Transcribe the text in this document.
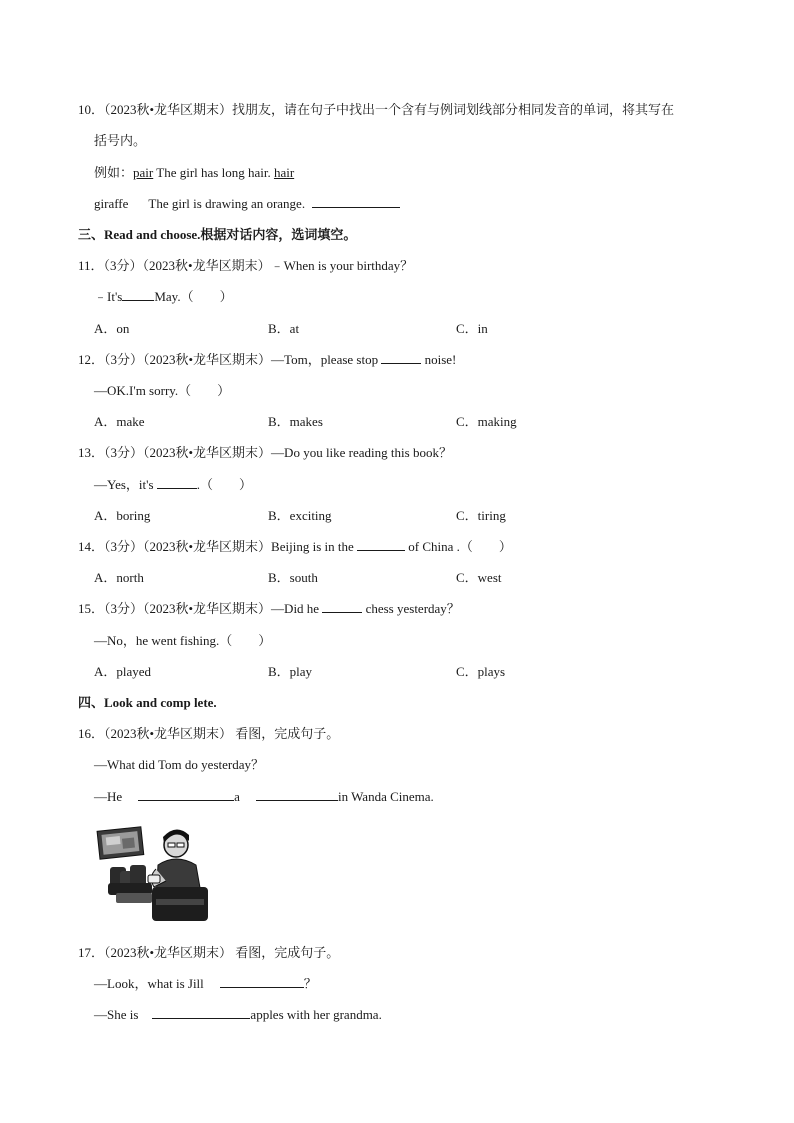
10．（2023秋•龙华区期末）找朋友，请在句子中找出一个含有与例词划线部分相同发音的单词，将其写在
括号内。
例如：pair The girl has long hair. hair
giraffe The girl is drawing an orange.
三、Read and choose.根据对话内容，选词填空。
11．（3分）（2023秋•龙华区期末）﹣When is your birthday？
﹣It's May.（　　）
A．on	B．at	C．in
12．（3分）（2023秋•龙华区期末）—Tom，please stop	noise!
—OK.I'm sorry.（　　）
A．make	B．makes	C．making
13．（3分）（2023秋•龙华区期末）—Do you like reading this book？
—Yes，it's	.（　　）
A．boring	B．exciting	C．tiring
14．（3分）（2023秋•龙华区期末）Beijing is in the	of China .（　　）
A．north	B．south	C．west
15．（3分）（2023秋•龙华区期末）—Did he	chess yesterday？
—No，he went fishing.（　　）
A．played	B．play	C．plays
四、Look and comp lete.
16．（2023秋•龙华区期末） 看图，完成句子。
—What did Tom do yesterday？
—He	a	in Wanda Cinema.
17．（2023秋•龙华区期末） 看图，完成句子。
—Look，what is Jill	？
—She is	apples with her grandma.
